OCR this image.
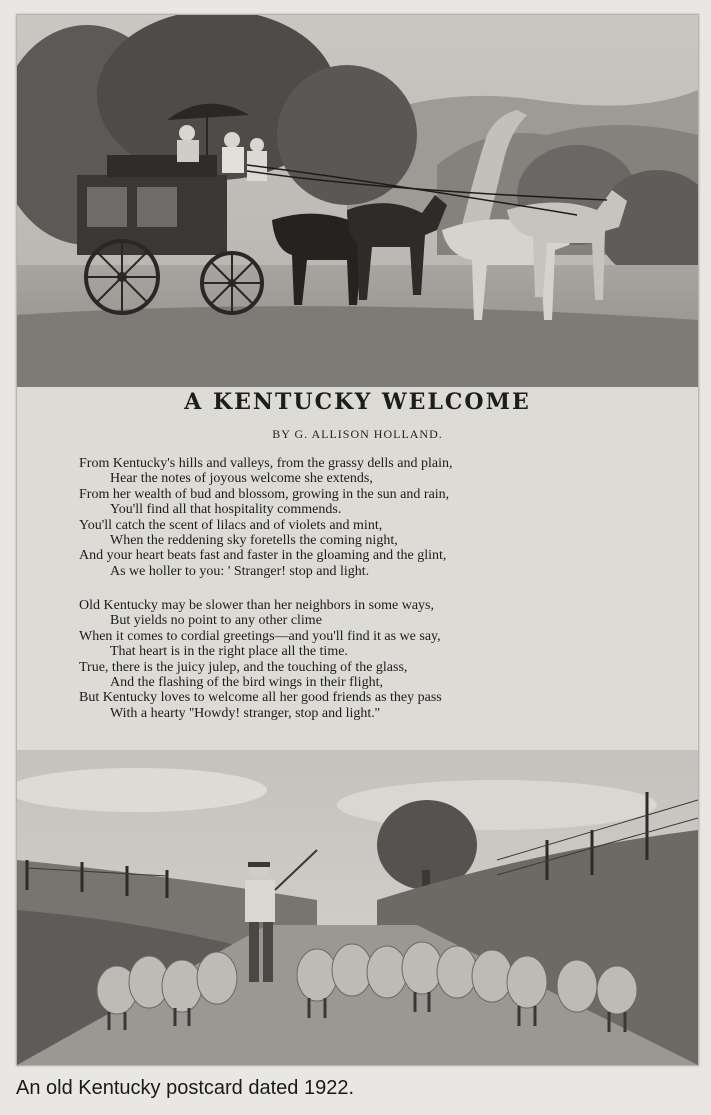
A KENTUCKY WELCOME
BY G. ALLISON HOLLAND.
From Kentucky's hills and valleys, from the grassy dells and plain,
Hear the notes of joyous welcome she extends,
From her wealth of bud and blossom, growing in the sun and rain,
You'll find all that hospitality commends.
You'll catch the scent of lilacs and of violets and mint,
When the reddening sky foretells the coming night,
And your heart beats fast and faster in the gloaming and the glint,
As we holler to you: ' Stranger! stop and light.
Old Kentucky may be slower than her neighbors in some ways,
But yields no point to any other clime
When it comes to cordial greetings—and you'll find it as we say,
That heart is in the right place all the time.
True, there is the juicy julep, and the touching of the glass,
And the flashing of the bird wings in their flight,
But Kentucky loves to welcome all her good friends as they pass
With a hearty ''Howdy! stranger, stop and light.''
An old Kentucky postcard dated 1922.
